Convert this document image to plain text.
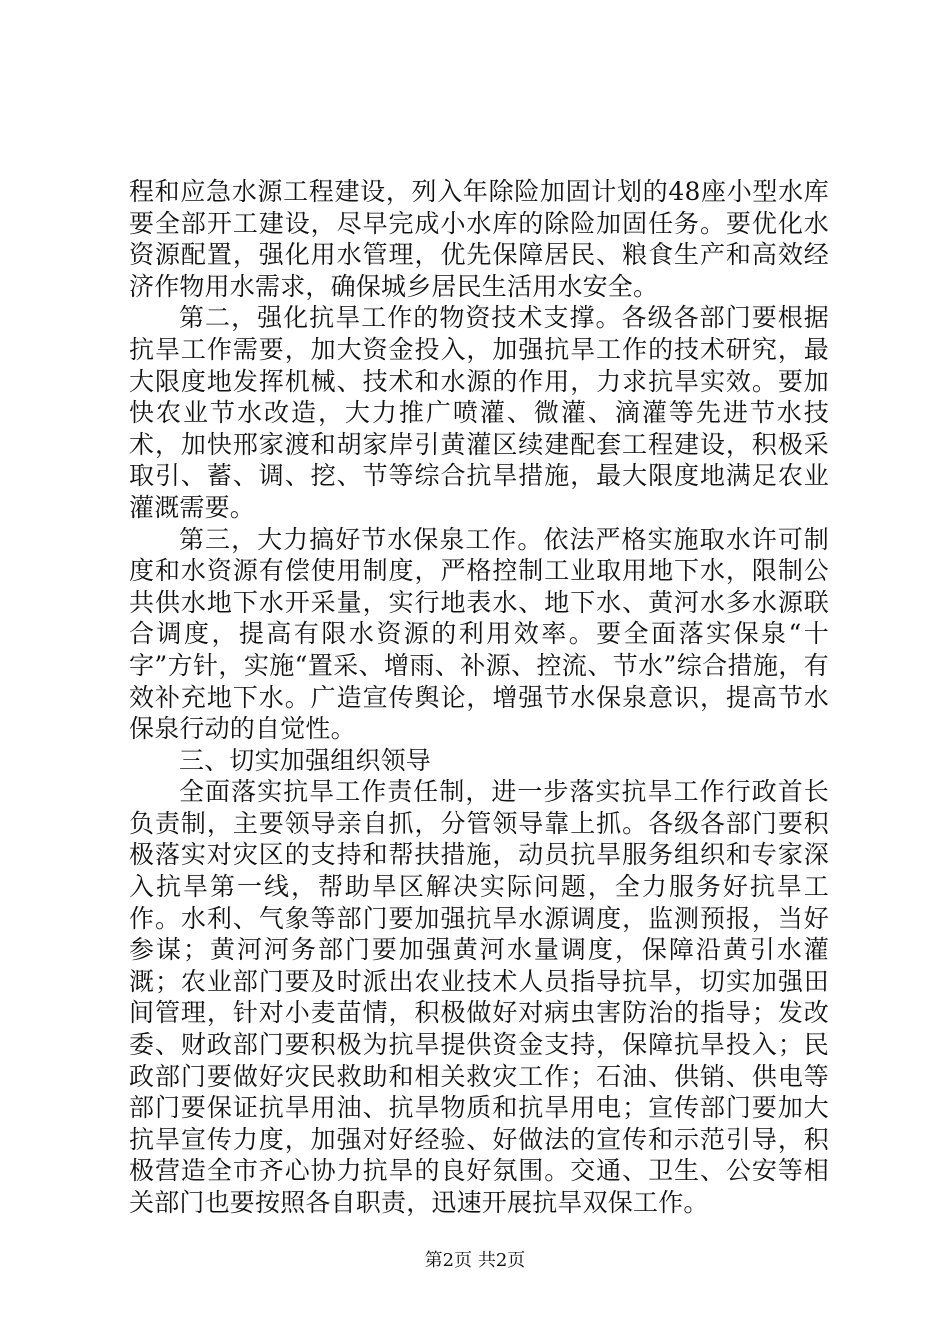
程和应急水源工程建设，列入年除险加固计划的48座小型水库要全部开工建设，尽早完成小水库的除险加固任务。要优化水资源配置，强化用水管理，优先保障居民、粮食生产和高效经济作物用水需求，确保城乡居民生活用水安全。

第二，强化抗旱工作的物资技术支撑。各级各部门要根据抗旱工作需要，加大资金投入，加强抗旱工作的技术研究，最大限度地发挥机械、技术和水源的作用，力求抗旱实效。要加快农业节水改造，大力推广喷灌、微灌、滴灌等先进节水技术，加快邢家渡和胡家岸引黄灌区续建配套工程建设，积极采取引、蓄、调、挖、节等综合抗旱措施，最大限度地满足农业灌溉需要。

第三，大力搞好节水保泉工作。依法严格实施取水许可制度和水资源有偿使用制度，严格控制工业取用地下水，限制公共供水地下水开采量，实行地表水、地下水、黄河水多水源联合调度，提高有限水资源的利用效率。要全面落实保泉“十字”方针，实施“置采、增雨、补源、控流、节水”综合措施，有效补充地下水。广造宣传舆论，增强节水保泉意识，提高节水保泉行动的自觉性。

三、切实加强组织领导

全面落实抗旱工作责任制，进一步落实抗旱工作行政首长负责制，主要领导亲自抓，分管领导靠上抓。各级各部门要积极落实对灾区的支持和帮扶措施，动员抗旱服务组织和专家深入抗旱第一线，帮助旱区解决实际问题，全力服务好抗旱工作。水利、气象等部门要加强抗旱水源调度，监测预报，当好参谋；黄河河务部门要加强黄河水量调度，保障沿黄引水灌溉；农业部门要及时派出农业技术人员指导抗旱，切实加强田间管理，针对小麦苗情，积极做好对病虫害防治的指导；发改委、财政部门要积极为抗旱提供资金支持，保障抗旱投入；民政部门要做好灾民救助和相关救灾工作；石油、供销、供电等部门要保证抗旱用油、抗旱物质和抗旱用电；宣传部门要加大抗旱宣传力度，加强对好经验、好做法的宣传和示范引导，积极营造全市齐心协力抗旱的良好氛围。交通、卫生、公安等相关部门也要按照各自职责，迅速开展抗旱双保工作。

第2页 共2页
